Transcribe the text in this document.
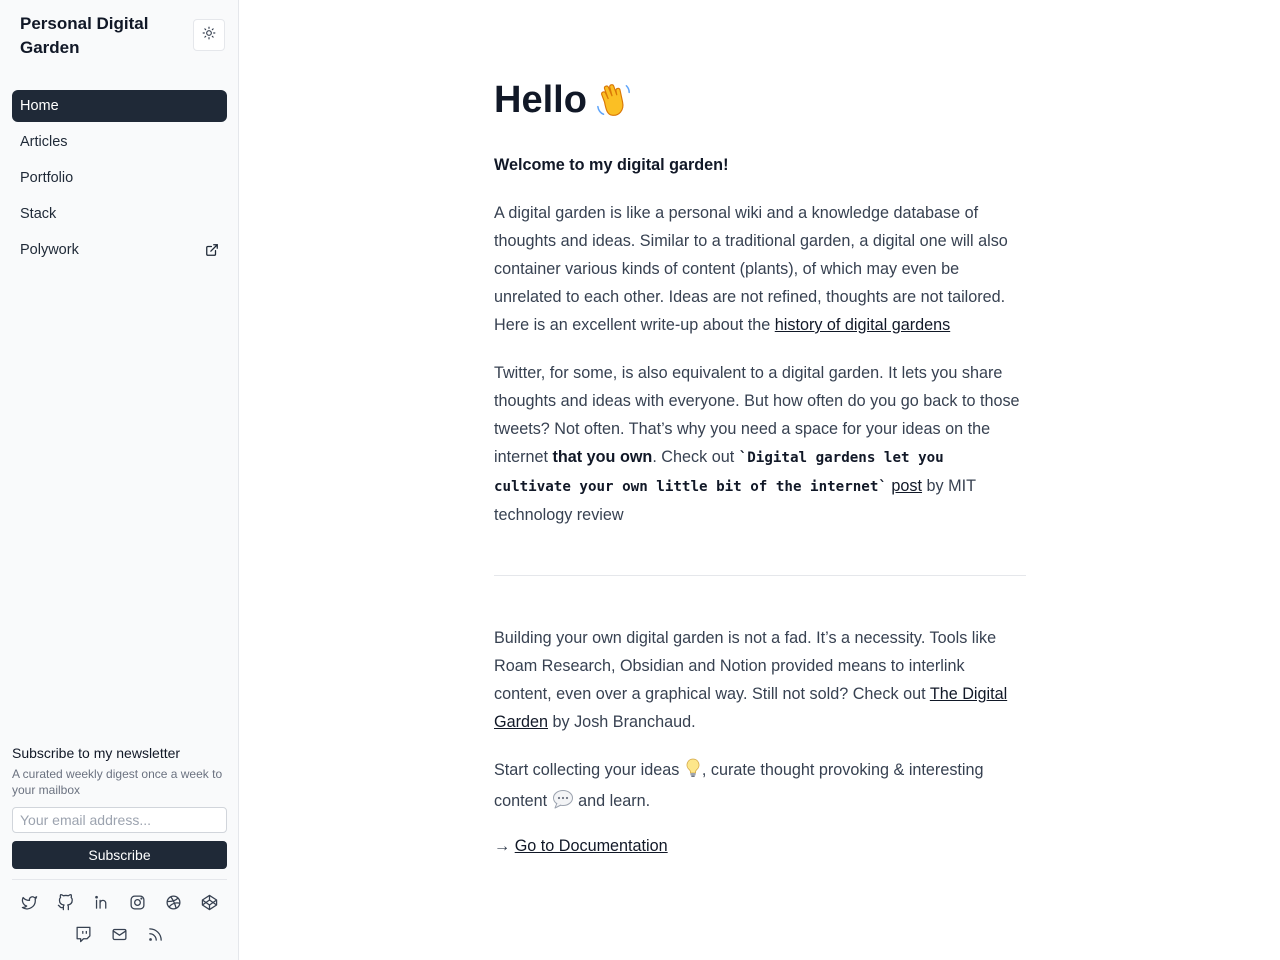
Personal Digital Garden
Home
Articles
Portfolio
Stack
Polywork
Subscribe to my newsletter
A curated weekly digest once a week to your mailbox
Your email address...
Subscribe
Hello

Welcome to my digital garden!

A digital garden is like a personal wiki and a knowledge database of thoughts and ideas. Similar to a traditional garden, a digital one will also container various kinds of content (plants), of which may even be unrelated to each other. Ideas are not refined, thoughts are not tailored. Here is an excellent write-up about the history of digital gardens

Twitter, for some, is also equivalent to a digital garden. It lets you share thoughts and ideas with everyone. But how often do you go back to those tweets? Not often. That’s why you need a space for your ideas on the internet that you own. Check out `Digital gardens let you cultivate your own little bit of the internet` post by MIT technology review

Building your own digital garden is not a fad. It’s a necessity. Tools like Roam Research, Obsidian and Notion provided means to interlink content, even over a graphical way. Still not sold? Check out The Digital Garden by Josh Branchaud.

Start collecting your ideas , curate thought provoking & interesting content  and learn.

→ Go to Documentation
